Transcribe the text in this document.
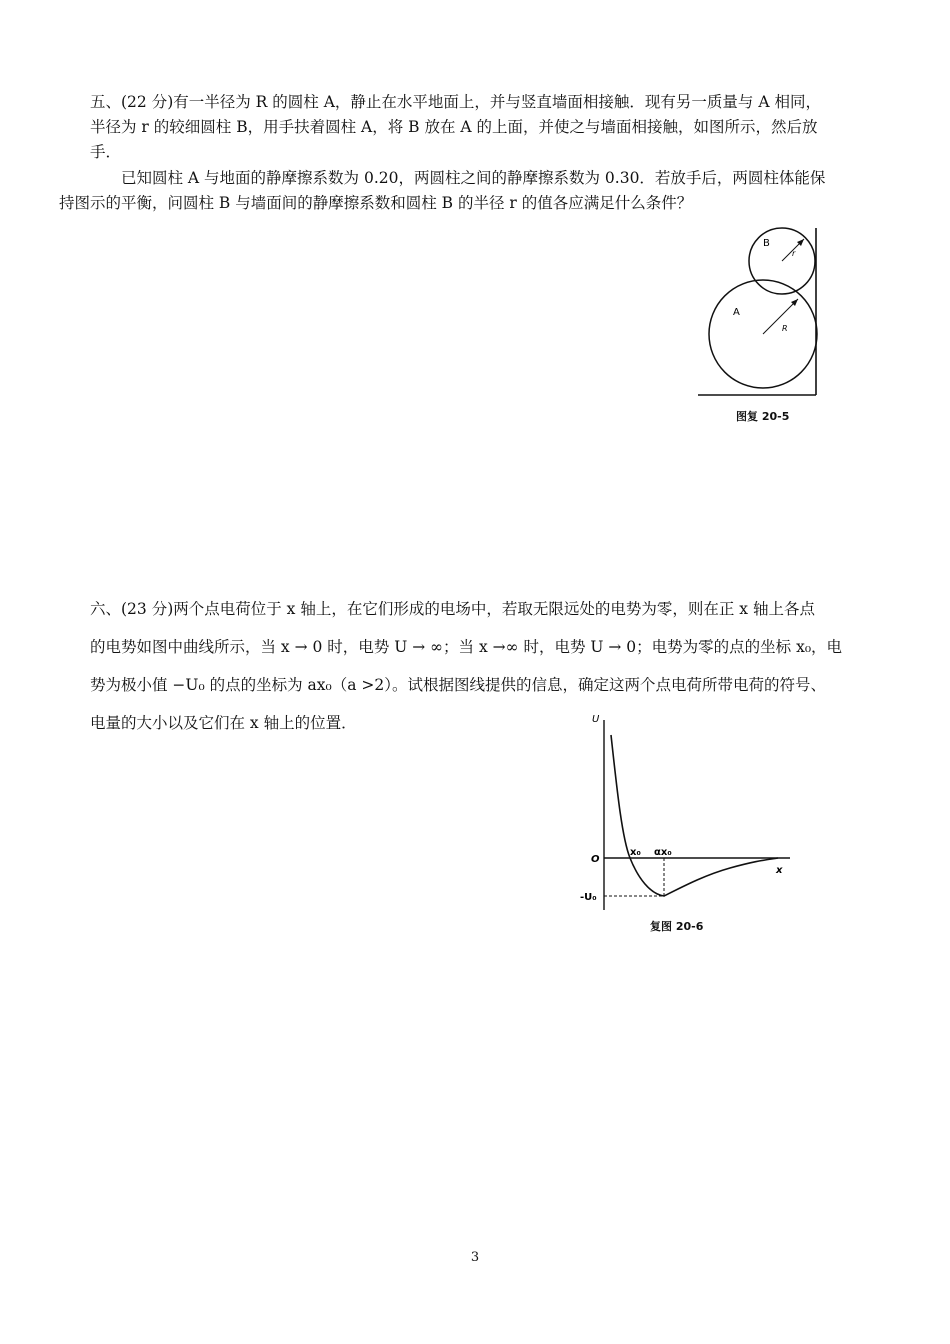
五、(22 分)有一半径为 R 的圆柱 A，静止在水平地面上，并与竖直墙面相接触．现有另一质量与 A 相同，
半径为 r 的较细圆柱 B，用手扶着圆柱 A，将 B 放在 A 的上面，并使之与墙面相接触，如图所示，然后放
手．

已知圆柱 A 与地面的静摩擦系数为 0.20，两圆柱之间的静摩擦系数为 0.30．若放手后，两圆柱体能保
持图示的平衡，问圆柱 B 与墙面间的静摩擦系数和圆柱 B 的半径 r 的值各应满足什么条件？

B
r
A
R
图复 20-5

六、(23 分)两个点电荷位于 x 轴上，在它们形成的电场中，若取无限远处的电势为零，则在正 x 轴上各点
的电势如图中曲线所示，当 x → 0 时，电势 U → ∞；当 x →∞ 时，电势 U → 0；电势为零的点的坐标 x₀，电
势为极小值 −U₀ 的点的坐标为 ax₀（a >2）。试根据图线提供的信息，确定这两个点电荷所带电荷的符号、
电量的大小以及它们在 x 轴上的位置．	U
x
O
x₀ αx₀
-U₀
复图 20-6
3
